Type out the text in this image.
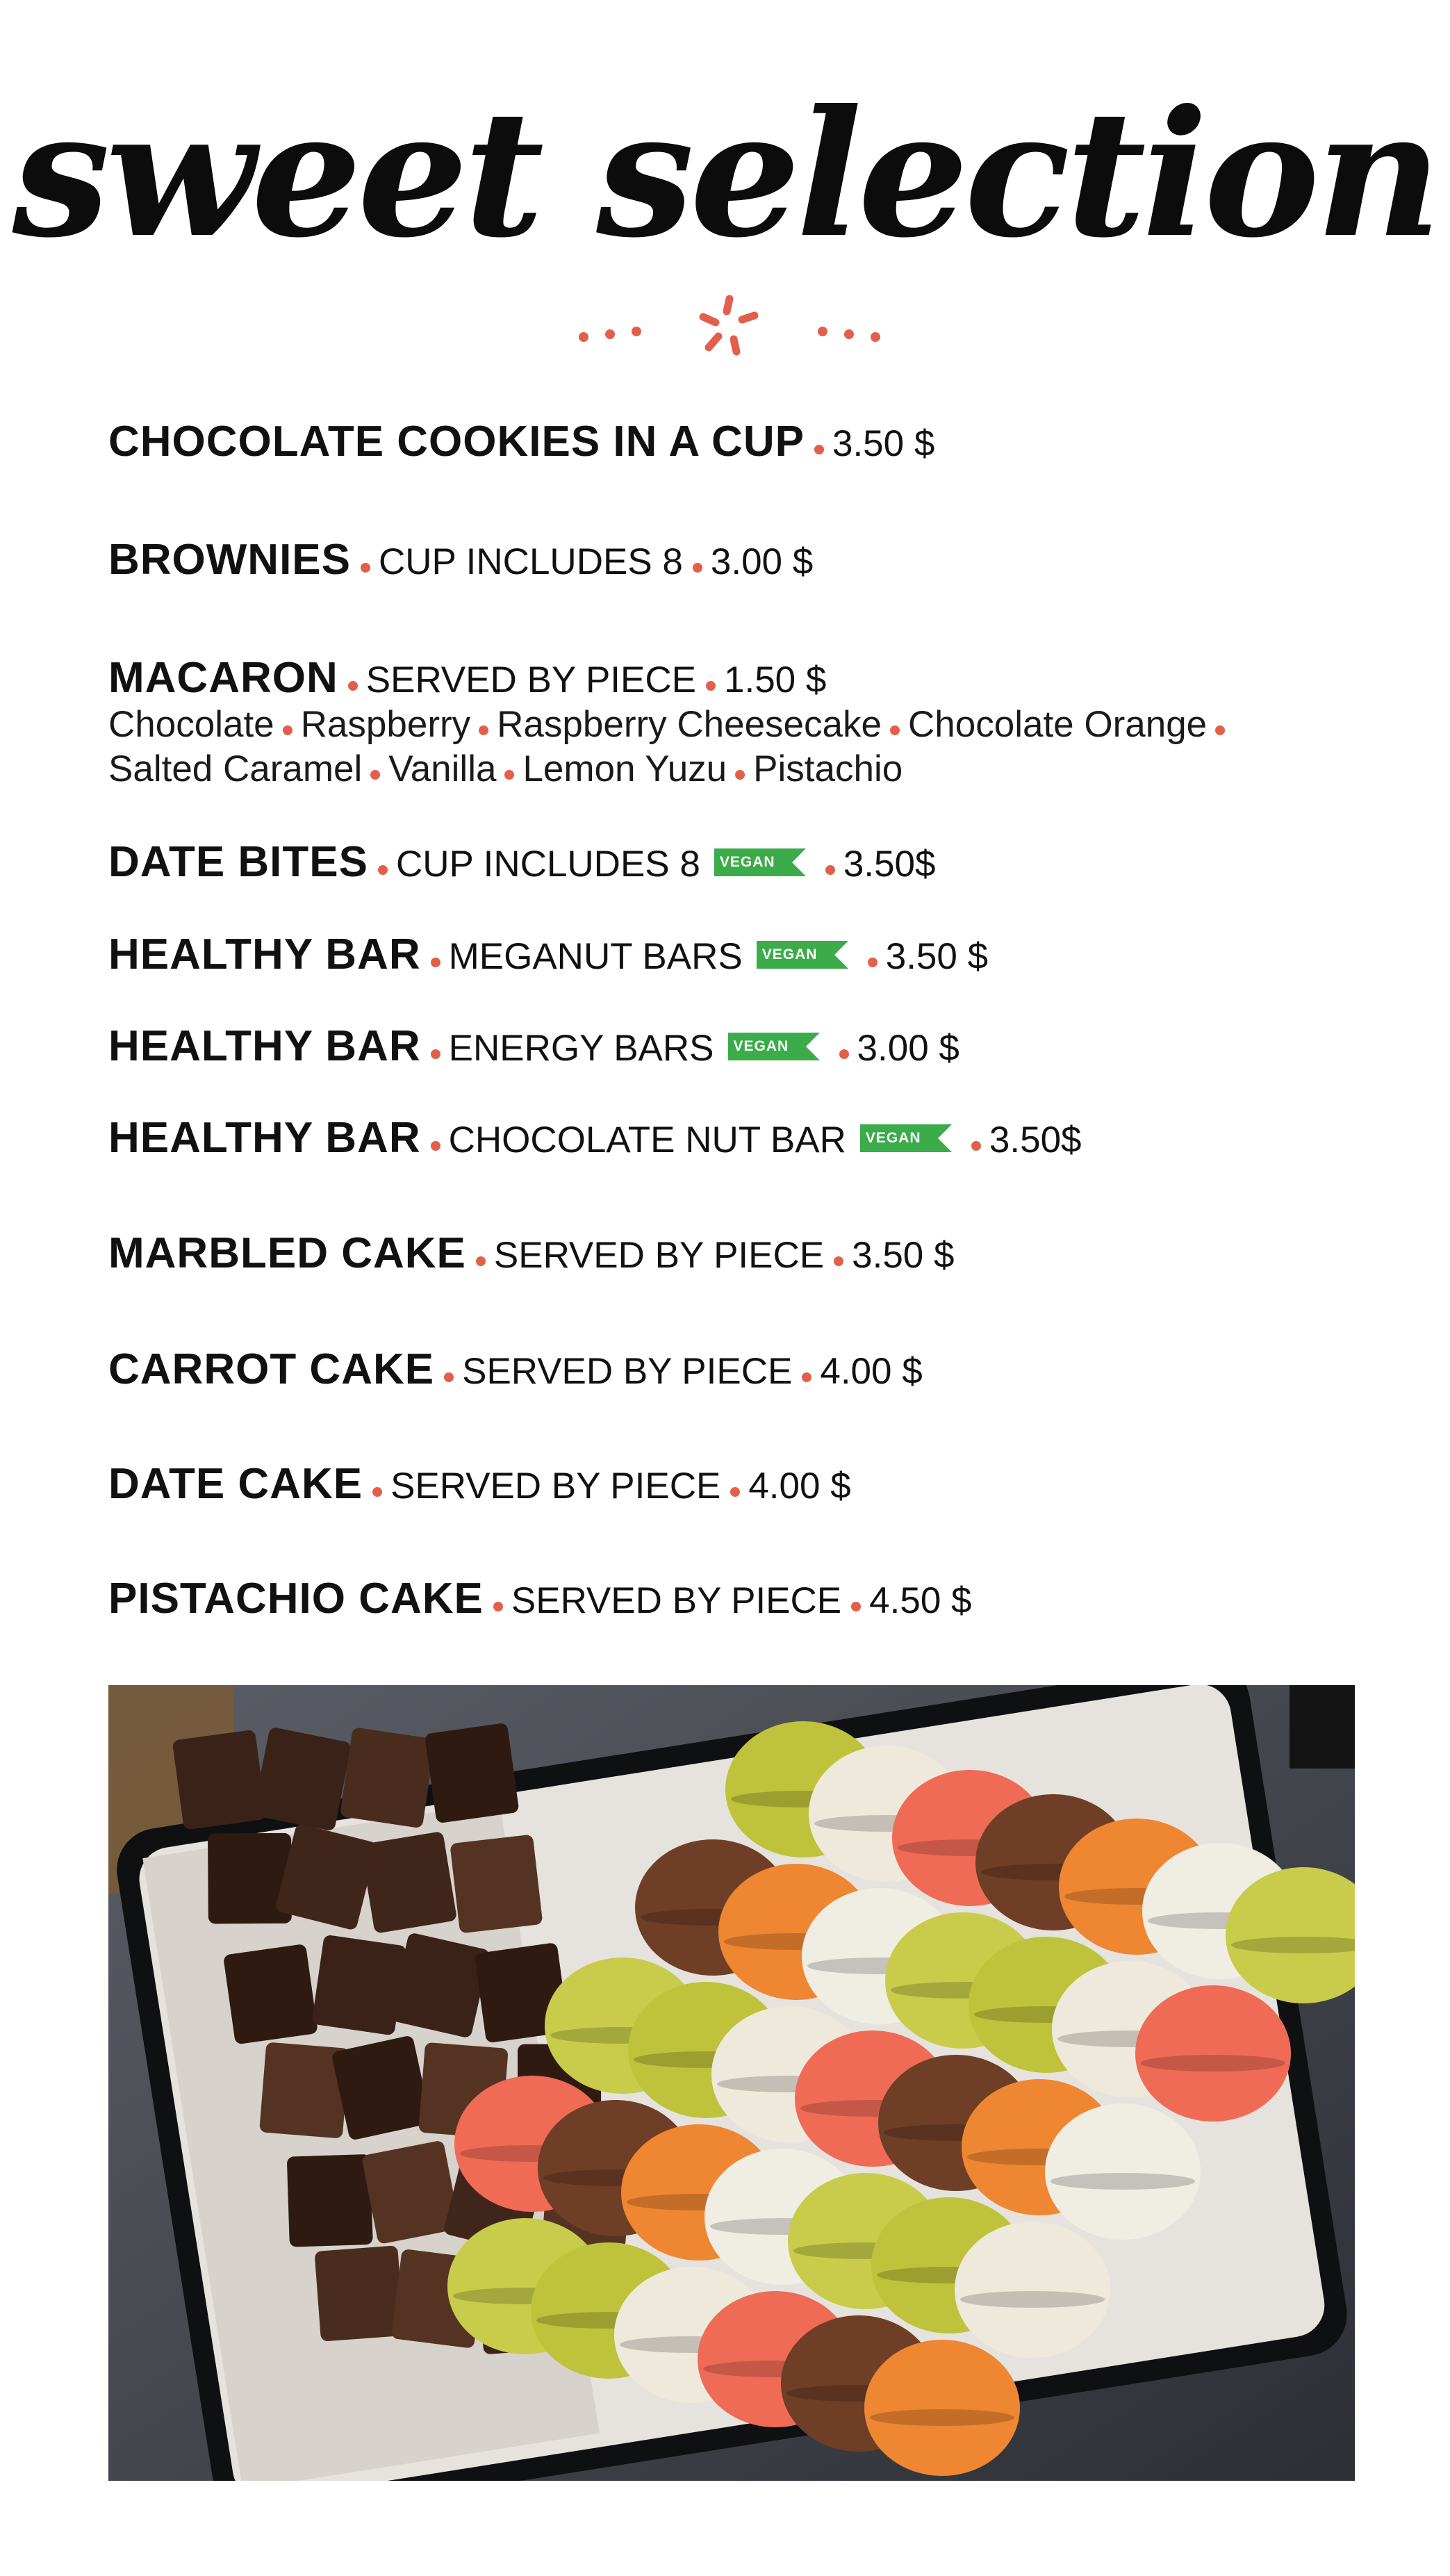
sweet selection
CHOCOLATE COOKIES IN A CUP 3.50 $
BROWNIES CUP INCLUDES 8 3.00 $
MACARON SERVED BY PIECE 1.50 $
Chocolate Raspberry Raspberry Cheesecake Chocolate Orange
Salted Caramel Vanilla Lemon Yuzu Pistachio
DATE BITES CUP INCLUDES 8 VEGAN 3.50$
HEALTHY BAR MEGANUT BARS VEGAN 3.50 $
HEALTHY BAR ENERGY BARS VEGAN 3.00 $
HEALTHY BAR CHOCOLATE NUT BAR VEGAN 3.50$
MARBLED CAKE SERVED BY PIECE 3.50 $
CARROT CAKE SERVED BY PIECE 4.00 $
DATE CAKE SERVED BY PIECE 4.00 $
PISTACHIO CAKE SERVED BY PIECE 4.50 $
